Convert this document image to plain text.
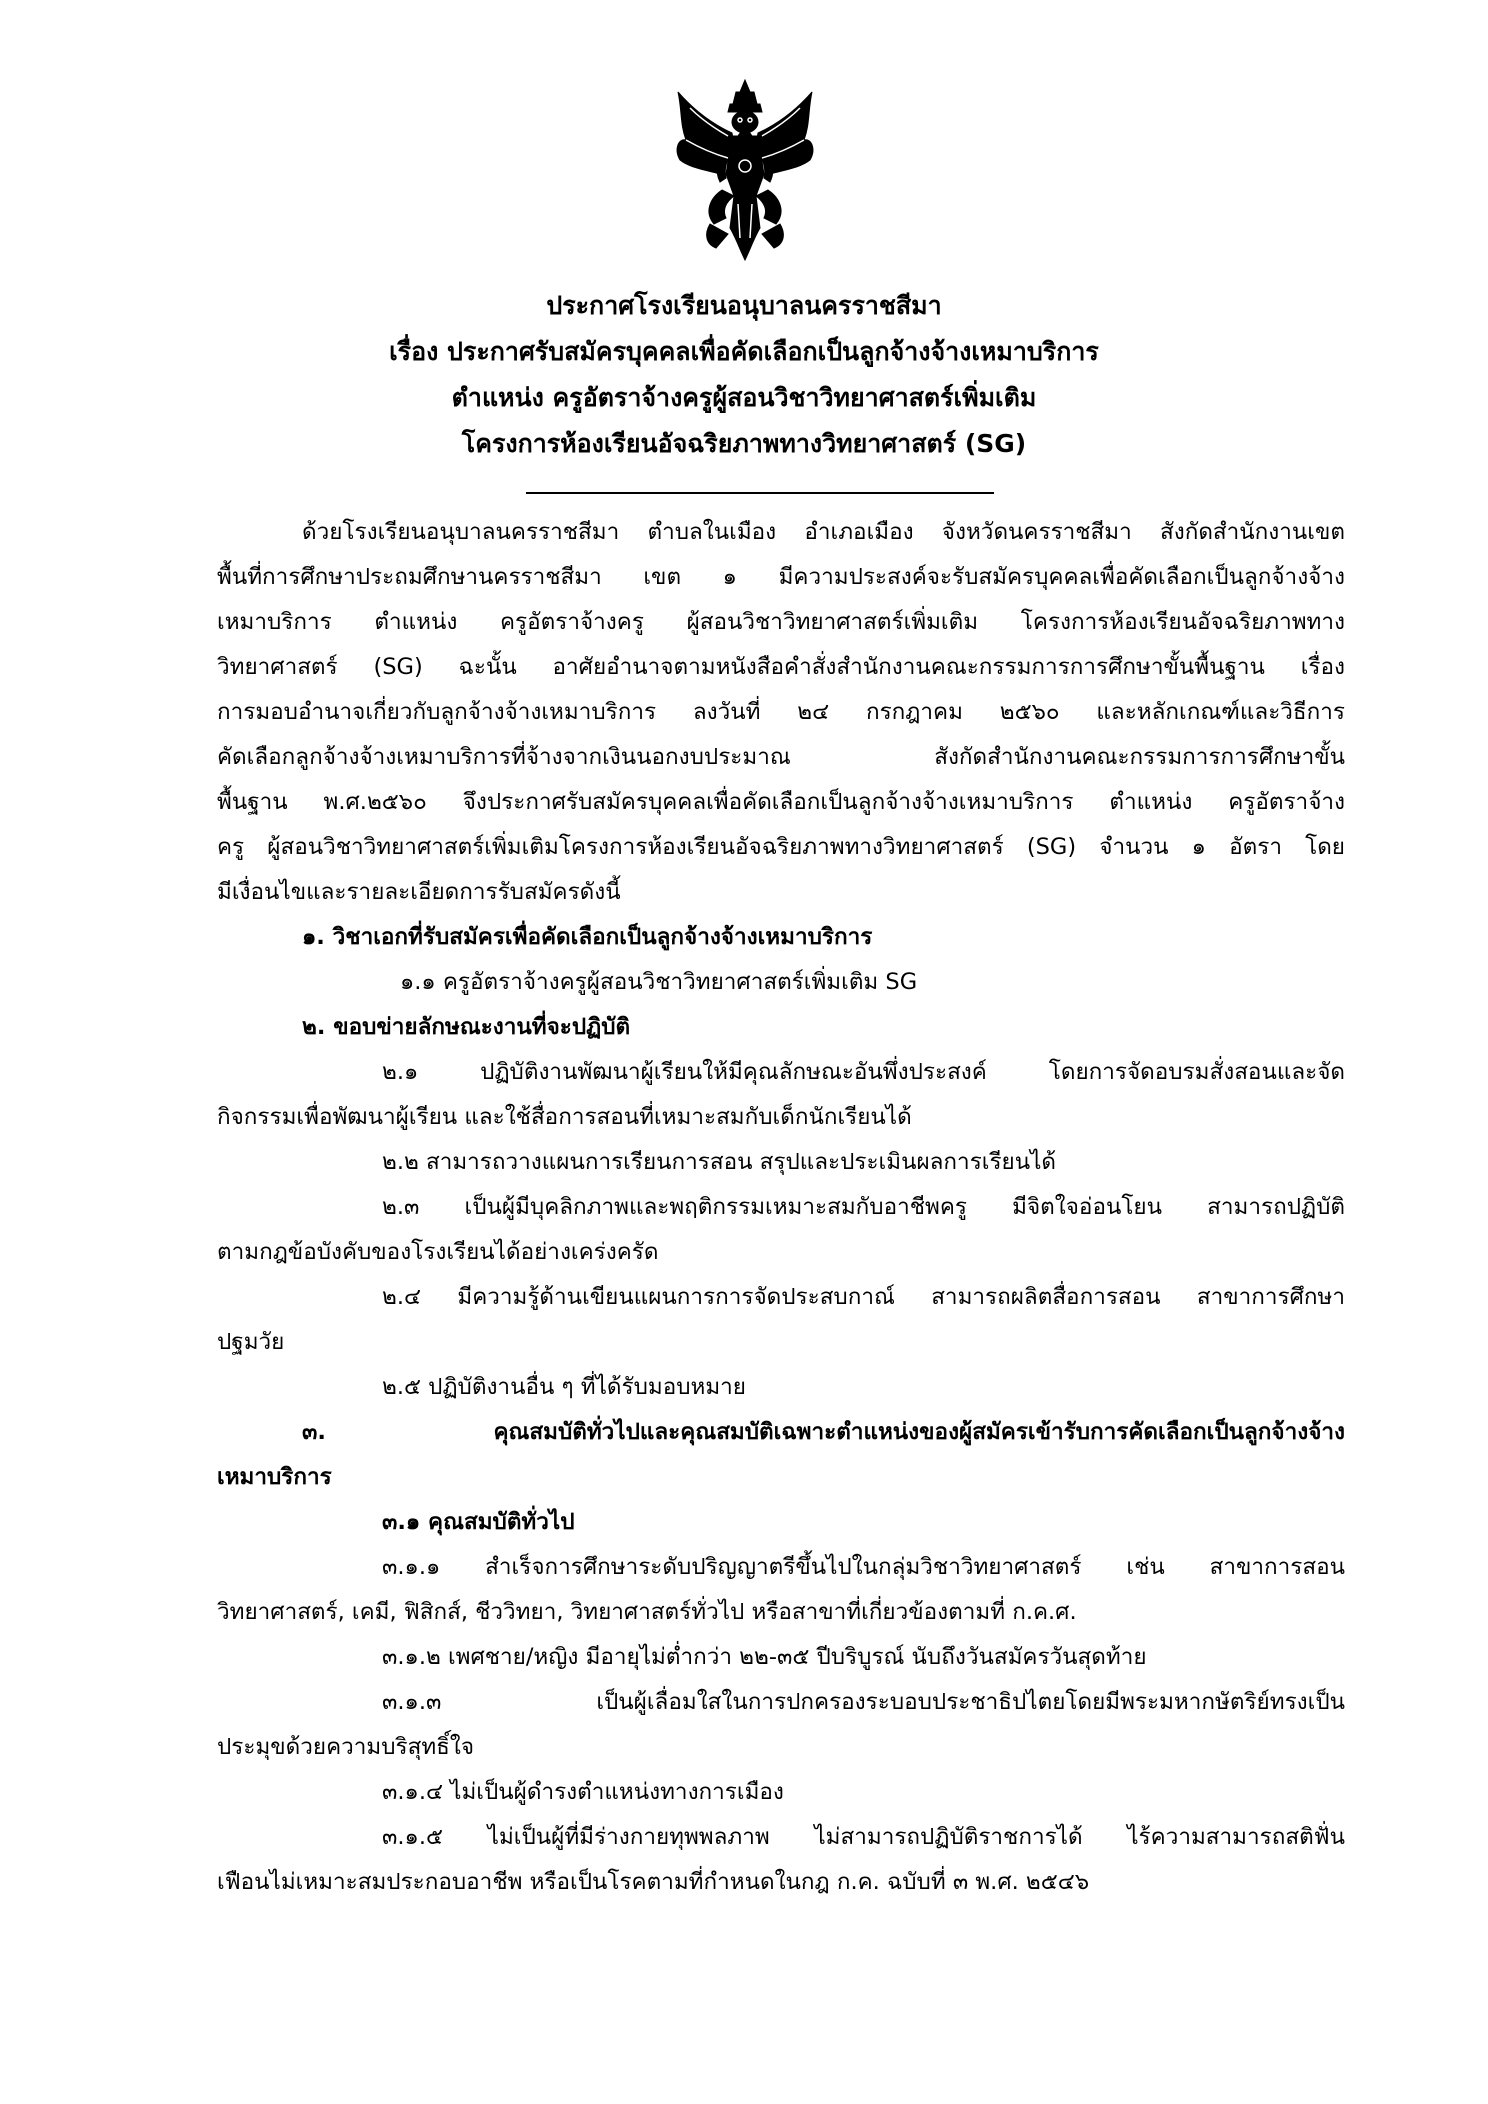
ประกาศโรงเรียนอนุบาลนครราชสีมา
เรื่อง ประกาศรับสมัครบุคคลเพื่อคัดเลือกเป็นลูกจ้างจ้างเหมาบริการ
ตำแหน่ง ครูอัตราจ้างครูผู้สอนวิชาวิทยาศาสตร์เพิ่มเติม
โครงการห้องเรียนอัจฉริยภาพทางวิทยาศาสตร์ (SG)
ด้วยโรงเรียนอนุบาลนครราชสีมา ตำบลในเมือง อำเภอเมือง จังหวัดนครราชสีมา สังกัดสำนักงานเขต
พื้นที่การศึกษาประถมศึกษานครราชสีมา เขต ๑ มีความประสงค์จะรับสมัครบุคคลเพื่อคัดเลือกเป็นลูกจ้างจ้าง
เหมาบริการ ตำแหน่ง ครูอัตราจ้างครู ผู้สอนวิชาวิทยาศาสตร์เพิ่มเติม โครงการห้องเรียนอัจฉริยภาพทาง
วิทยาศาสตร์ (SG) ฉะนั้น อาศัยอำนาจตามหนังสือคำสั่งสำนักงานคณะกรรมการการศึกษาขั้นพื้นฐาน เรื่อง
การมอบอำนาจเกี่ยวกับลูกจ้างจ้างเหมาบริการ ลงวันที่ ๒๔ กรกฎาคม ๒๕๖๐ และหลักเกณฑ์และวิธีการ
คัดเลือกลูกจ้างจ้างเหมาบริการที่จ้างจากเงินนอกงบประมาณ สังกัดสำนักงานคณะกรรมการการศึกษาขั้น
พื้นฐาน พ.ศ.๒๕๖๐ จึงประกาศรับสมัครบุคคลเพื่อคัดเลือกเป็นลูกจ้างจ้างเหมาบริการ ตำแหน่ง ครูอัตราจ้าง
ครู ผู้สอนวิชาวิทยาศาสตร์เพิ่มเติมโครงการห้องเรียนอัจฉริยภาพทางวิทยาศาสตร์ (SG) จำนวน ๑ อัตรา โดย
มีเงื่อนไขและรายละเอียดการรับสมัครดังนี้
๑. วิชาเอกที่รับสมัครเพื่อคัดเลือกเป็นลูกจ้างจ้างเหมาบริการ
๑.๑ ครูอัตราจ้างครูผู้สอนวิชาวิทยาศาสตร์เพิ่มเติม SG
๒. ขอบข่ายลักษณะงานที่จะปฏิบัติ
๒.๑ ปฏิบัติงานพัฒนาผู้เรียนให้มีคุณลักษณะอันพึ่งประสงค์ โดยการจัดอบรมสั่งสอนและจัด
กิจกรรมเพื่อพัฒนาผู้เรียน และใช้สื่อการสอนที่เหมาะสมกับเด็กนักเรียนได้
๒.๒ สามารถวางแผนการเรียนการสอน สรุปและประเมินผลการเรียนได้
๒.๓ เป็นผู้มีบุคลิกภาพและพฤติกรรมเหมาะสมกับอาชีพครู มีจิตใจอ่อนโยน สามารถปฏิบัติ
ตามกฎข้อบังคับของโรงเรียนได้อย่างเคร่งครัด
๒.๔ มีความรู้ด้านเขียนแผนการการจัดประสบกาณ์ สามารถผลิตสื่อการสอน สาขาการศึกษา
ปฐมวัย
๒.๕ ปฏิบัติงานอื่น ๆ ที่ได้รับมอบหมาย
๓. คุณสมบัติทั่วไปและคุณสมบัติเฉพาะตำแหน่งของผู้สมัครเข้ารับการคัดเลือกเป็นลูกจ้างจ้าง
เหมาบริการ
๓.๑ คุณสมบัติทั่วไป
๓.๑.๑ สำเร็จการศึกษาระดับปริญญาตรีขึ้นไปในกลุ่มวิชาวิทยาศาสตร์ เช่น สาขาการสอน
วิทยาศาสตร์, เคมี, ฟิสิกส์, ชีววิทยา, วิทยาศาสตร์ทั่วไป หรือสาขาที่เกี่ยวข้องตามที่ ก.ค.ศ.
๓.๑.๒ เพศชาย/หญิง มีอายุไม่ต่ำกว่า ๒๒-๓๕ ปีบริบูรณ์ นับถึงวันสมัครวันสุดท้าย
๓.๑.๓ เป็นผู้เลื่อมใสในการปกครองระบอบประชาธิปไตยโดยมีพระมหากษัตริย์ทรงเป็น
ประมุขด้วยความบริสุทธิ์ใจ
๓.๑.๔ ไม่เป็นผู้ดำรงตำแหน่งทางการเมือง
๓.๑.๕ ไม่เป็นผู้ที่มีร่างกายทุพพลภาพ ไม่สามารถปฏิบัติราชการได้ ไร้ความสามารถสติฟั่น
เฟือนไม่เหมาะสมประกอบอาชีพ หรือเป็นโรคตามที่กำหนดในกฎ ก.ค. ฉบับที่ ๓ พ.ศ. ๒๕๔๖
